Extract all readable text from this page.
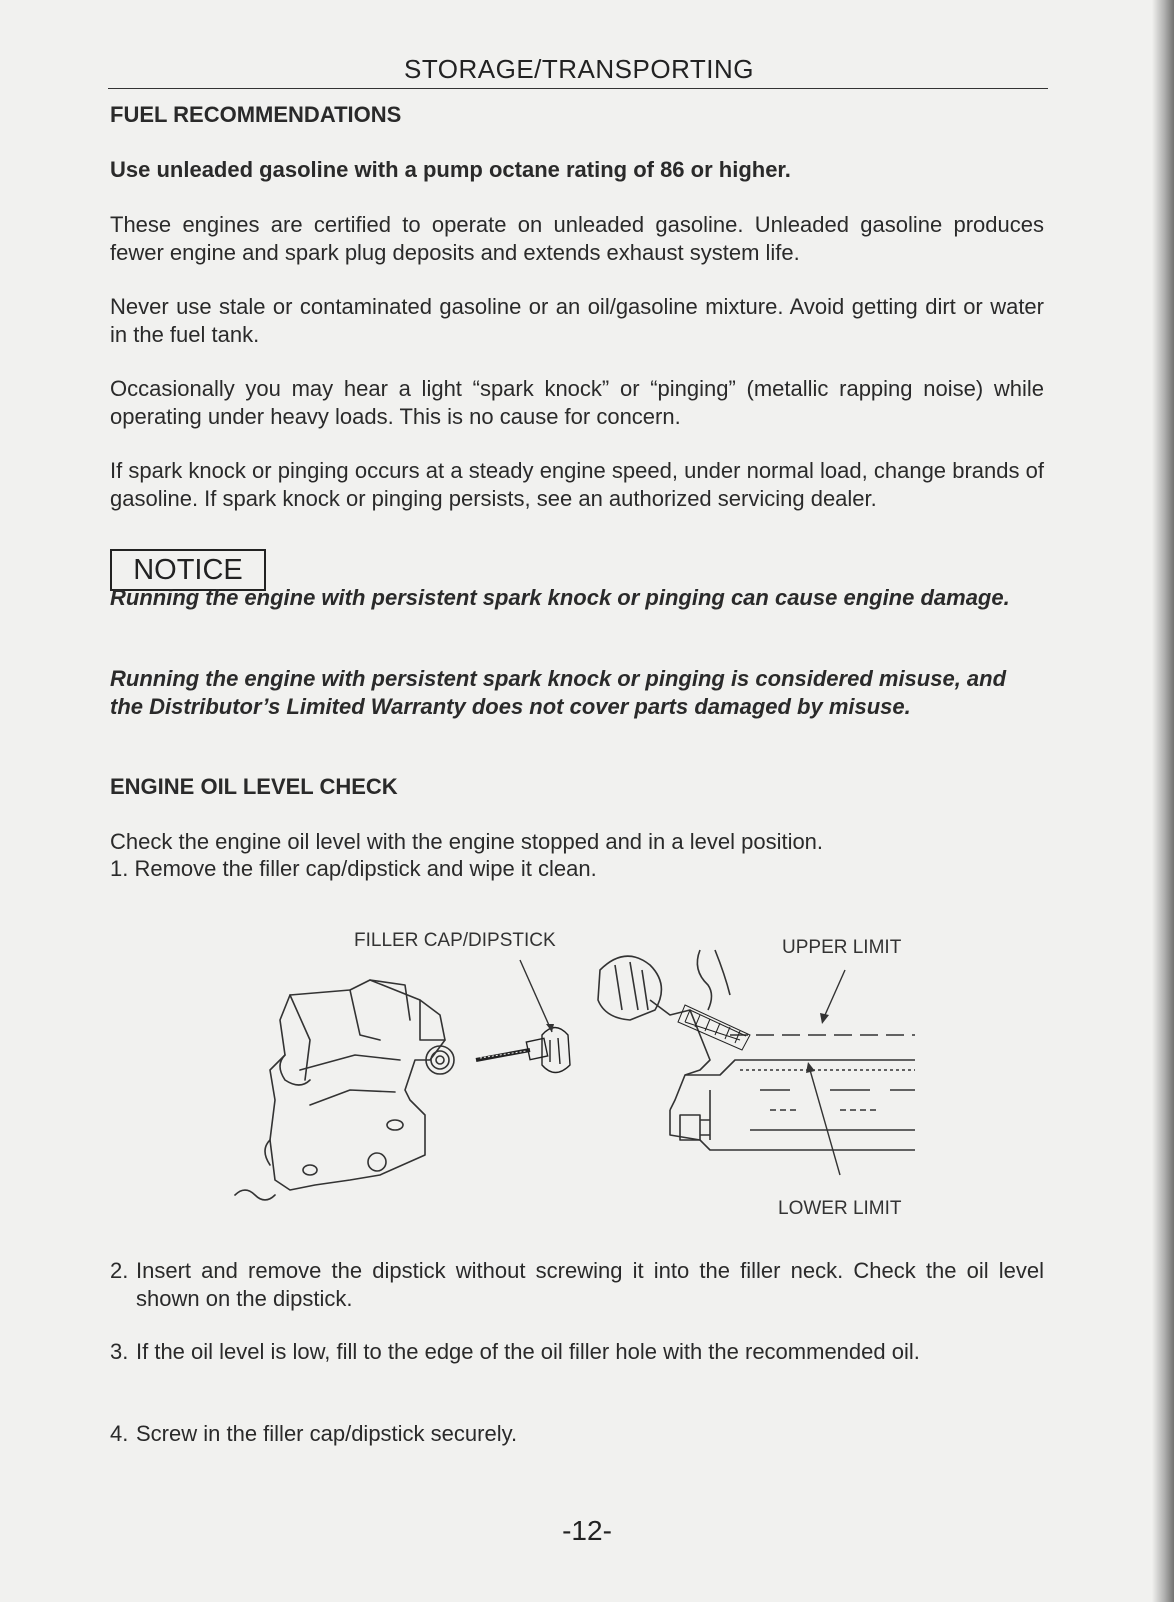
STORAGE/TRANSPORTING
FUEL RECOMMENDATIONS
Use unleaded gasoline with a pump octane rating of 86 or higher.

These engines are certified to operate on unleaded gasoline. Unleaded gasoline produces fewer engine and spark plug deposits and extends exhaust system life.

Never use stale or contaminated gasoline or an oil/gasoline mixture. Avoid getting dirt or water in the fuel tank.

Occasionally you may hear a light “spark knock” or “pinging” (metallic rapping noise) while operating under heavy loads. This is no cause for concern.

If spark knock or pinging occurs at a steady engine speed, under normal load, change brands of gasoline. If spark knock or pinging persists, see an authorized servicing dealer.

NOTICE

Running the engine with persistent spark knock or pinging can cause engine damage.

Running the engine with persistent spark knock or pinging is considered misuse, and the Distributor’s Limited Warranty does not cover parts damaged by misuse.

ENGINE OIL LEVEL CHECK
Check the engine oil level with the engine stopped and in a level position.
1. Remove the filler cap/dipstick and wipe it clean.
FILLER CAP/DIPSTICK	UPPER LIMIT
LOWER LIMIT
2. Insert and remove the dipstick without screwing it into the filler neck. Check the oil level shown on the dipstick.
3. If the oil level is low, fill to the edge of the oil filler hole with the recommended oil.
4. Screw in the filler cap/dipstick securely.
-12-
